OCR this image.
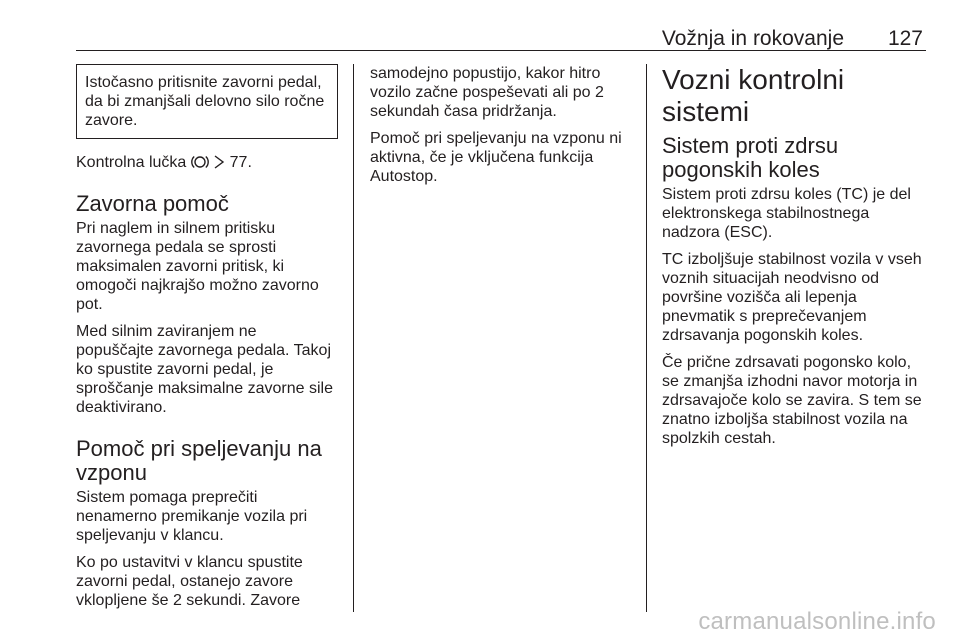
Vožnja in rokovanje 127

Istočasno pritisnite zavorni pedal, da bi zmanjšali delovno silo ročne zavore.

Kontrolna lučka	77.

Zavorna pomoč

Pri naglem in silnem pritisku zavornega pedala se sprosti maksimalen zavorni pritisk, ki omogoči najkrajšo možno zavorno pot.

Med silnim zaviranjem ne popuščajte zavornega pedala. Takoj ko spustite zavorni pedal, je sproščanje maksimalne zavorne sile deaktivirano.

Pomoč pri speljevanju na vzponu

Sistem pomaga preprečiti nenamerno premikanje vozila pri speljevanju v klancu.

Ko po ustavitvi v klancu spustite zavorni pedal, ostanejo zavore vklopljene še 2 sekundi. Zavore

samodejno popustijo, kakor hitro vozilo začne pospeševati ali po 2 sekundah časa pridržanja.

Pomoč pri speljevanju na vzponu ni aktivna, če je vključena funkcija Autostop.

Vozni kontrolni sistemi
Sistem proti zdrsu pogonskih koles

Sistem proti zdrsu koles (TC) je del elektronskega stabilnostnega nadzora (ESC).

TC izboljšuje stabilnost vozila v vseh voznih situacijah neodvisno od površine vozišča ali lepenja pnevmatik s preprečevanjem zdrsavanja pogonskih koles.

Če prične zdrsavati pogonsko kolo, se zmanjša izhodni navor motorja in zdrsavajoče kolo se zavira. S tem se znatno izboljša stabilnost vozila na spolzkih cestah.

carmanualsonline.info
